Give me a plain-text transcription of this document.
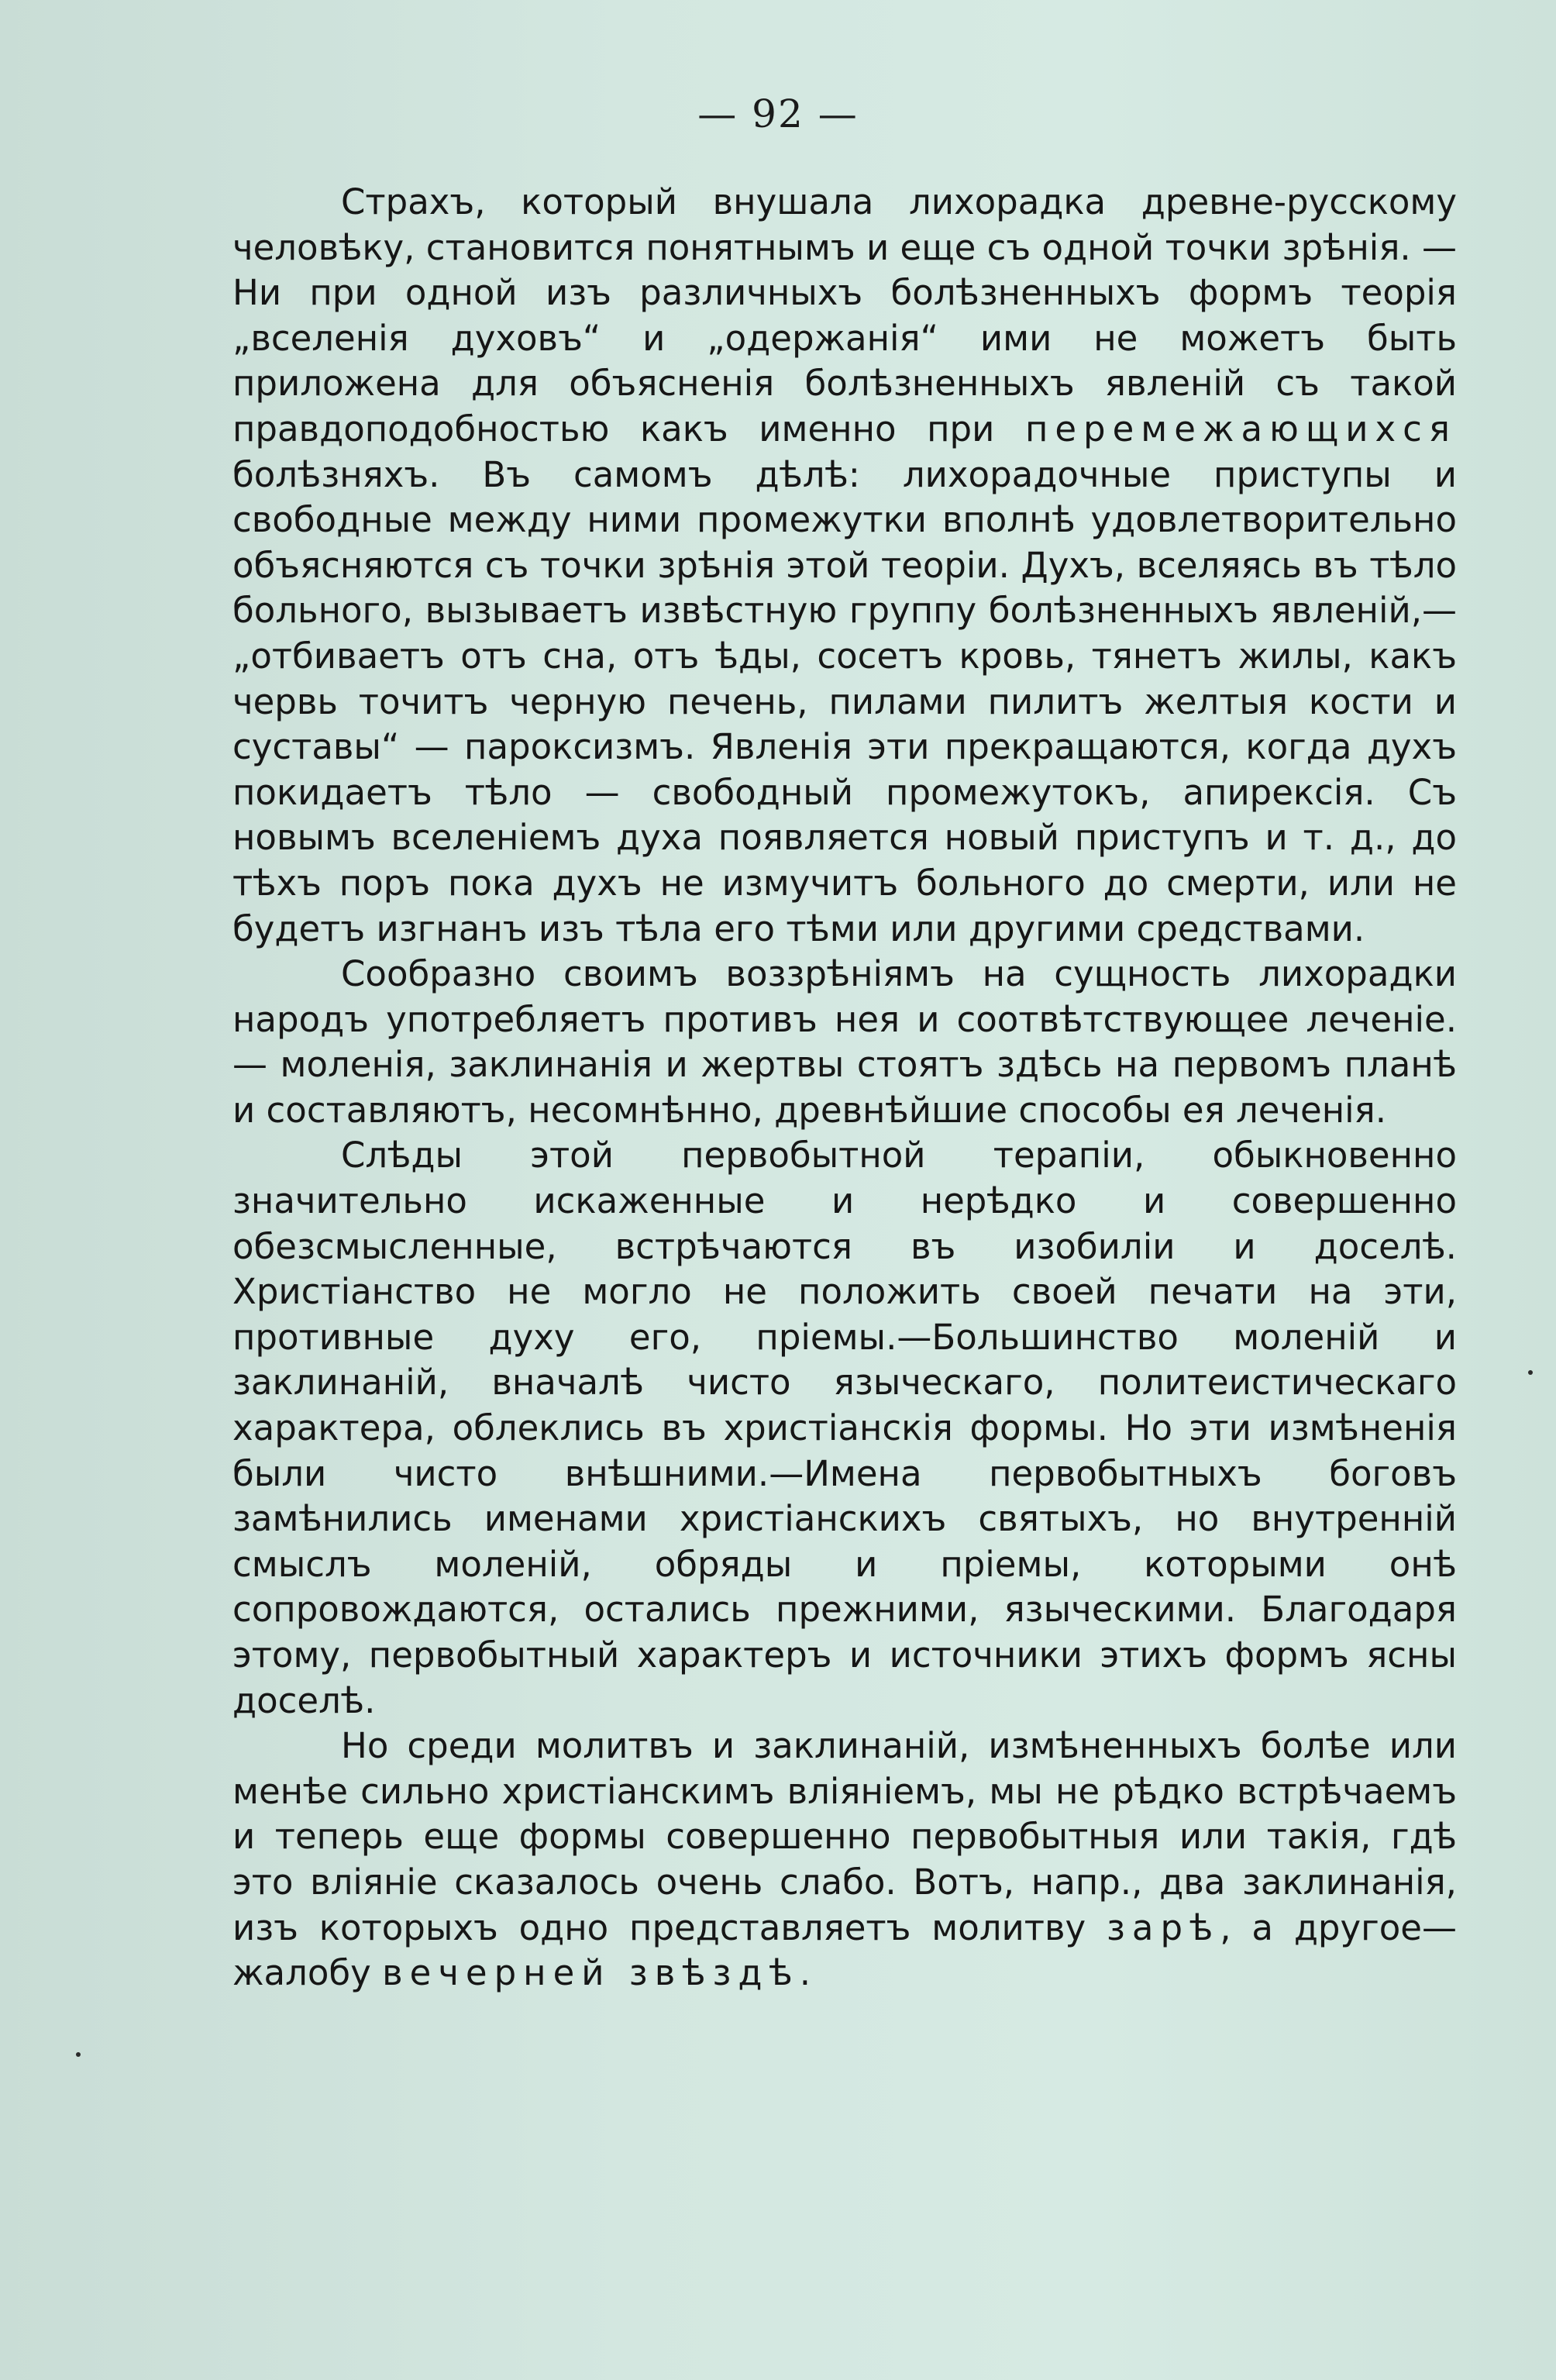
— 92 —

Страхъ, который внушала лихорадка древне-русскому человѣку, становится понятнымъ и еще съ одной точки зрѣнія. — Ни при одной изъ различныхъ болѣзненныхъ формъ теорія „вселенія духовъ“ и „одержанія“ ими не можетъ быть приложена для объясненія болѣзненныхъ явленій съ такой правдоподобностью какъ именно при перемежающихся болѣзняхъ. Въ самомъ дѣлѣ: лихорадочные приступы и свободные между ними промежутки вполнѣ удовлетворительно объясняются съ точки зрѣнія этой теоріи. Духъ, вселяясь въ тѣло больного, вызываетъ извѣстную группу болѣзненныхъ явленій,—„отбиваетъ отъ сна, отъ ѣды, сосетъ кровь, тянетъ жилы, какъ червь точитъ черную печень, пилами пилитъ желтыя кости и суставы“ — пароксизмъ. Явленія эти прекращаются, когда духъ покидаетъ тѣло — свободный промежутокъ, апирексія. Съ новымъ вселеніемъ духа появляется новый приступъ и т. д., до тѣхъ поръ пока духъ не измучитъ больного до смерти, или не будетъ изгнанъ изъ тѣла его тѣми или другими средствами.

Сообразно своимъ воззрѣніямъ на сущность лихорадки народъ употребляетъ противъ нея и соотвѣтствующее леченіе. — моленія, заклинанія и жертвы стоятъ здѣсь на первомъ планѣ и составляютъ, несомнѣнно, древнѣйшие способы ея леченія.

Слѣды этой первобытной терапіи, обыкновенно значительно искаженные и нерѣдко и совершенно обезсмысленные, встрѣчаются въ изобиліи и доселѣ. Христіанство не могло не положить своей печати на эти, противные духу его, пріемы.—Большинство моленій и заклинаній, вначалѣ чисто языческаго, политеистическаго характера, облеклись въ христіанскія формы. Но эти измѣненія были чисто внѣшними.—Имена первобытныхъ боговъ замѣнились именами христіанскихъ святыхъ, но внутренній смыслъ моленій, обряды и пріемы, которыми онѣ сопровождаются, остались прежними, языческими. Благодаря этому, первобытный характеръ и источники этихъ формъ ясны доселѣ.

Но среди молитвъ и заклинаній, измѣненныхъ болѣе или менѣе сильно христіанскимъ вліяніемъ, мы не рѣдко встрѣчаемъ и теперь еще формы совершенно первобытныя или такія, гдѣ это вліяніе сказалось очень слабо. Вотъ, напр., два заклинанія, изъ которыхъ одно представляетъ молитву зарѣ, а другое—жалобу вечерней звѣздѣ.
